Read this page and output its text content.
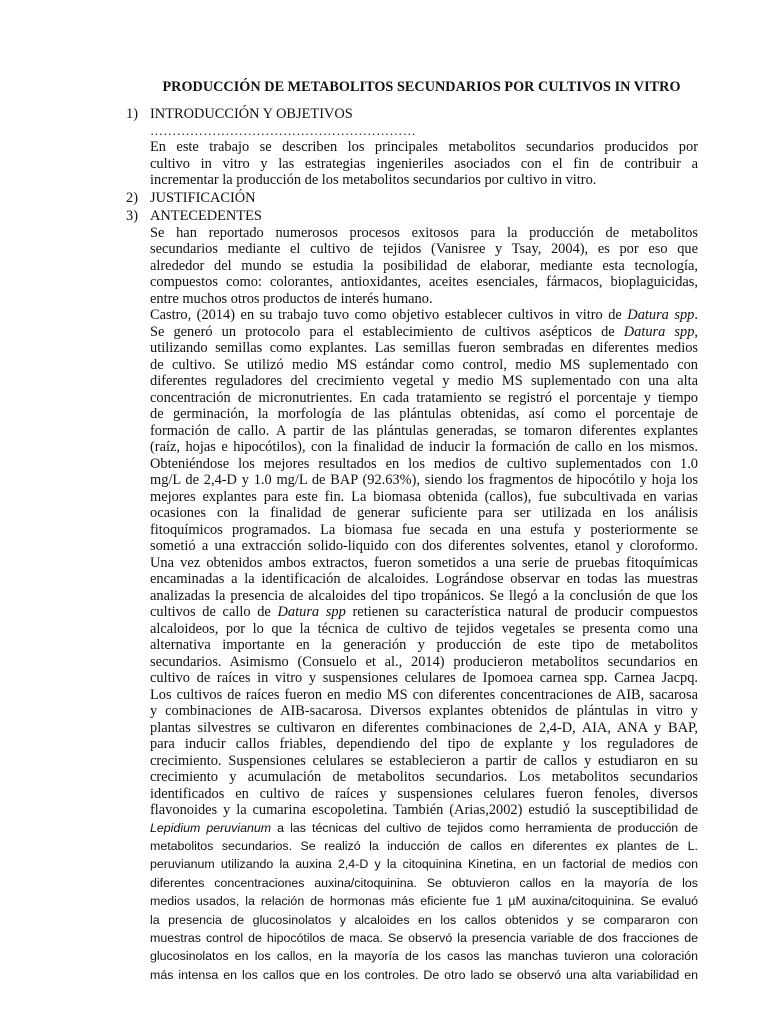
PRODUCCIÓN DE METABOLITOS SECUNDARIOS POR CULTIVOS IN VITRO
1) INTRODUCCIÓN Y OBJETIVOS
……………………………………………………

En este trabajo se describen los principales metabolitos secundarios producidos por
cultivo in vitro y las estrategias ingenieriles asociados con el fin de contribuir a
incrementar la producción de los metabolitos secundarios por cultivo in vitro.

2) JUSTIFICACIÓN
3) ANTECEDENTES

Se han reportado numerosos procesos exitosos para la producción de metabolitos
secundarios mediante el cultivo de tejidos (Vanisree y Tsay, 2004), es por eso que
alrededor del mundo se estudia la posibilidad de elaborar, mediante esta tecnología,
compuestos como: colorantes, antioxidantes, aceites esenciales, fármacos, bioplaguicidas,
entre muchos otros productos de interés humano.

Castro, (2014) en su trabajo tuvo como objetivo establecer cultivos in vitro de Datura spp.
Se generó un protocolo para el establecimiento de cultivos asépticos de Datura spp,
utilizando semillas como explantes. Las semillas fueron sembradas en diferentes medios
de cultivo. Se utilizó medio MS estándar como control, medio MS suplementado con
diferentes reguladores del crecimiento vegetal y medio MS suplementado con una alta
concentración de micronutrientes. En cada tratamiento se registró el porcentaje y tiempo
de germinación, la morfología de las plántulas obtenidas, así como el porcentaje de
formación de callo. A partir de las plántulas generadas, se tomaron diferentes explantes
(raíz, hojas e hipocótilos), con la finalidad de inducir la formación de callo en los mismos.
Obteniéndose los mejores resultados en los medios de cultivo suplementados con 1.0
mg/L de 2,4-D y 1.0 mg/L de BAP (92.63%), siendo los fragmentos de hipocótilo y hoja los
mejores explantes para este fin. La biomasa obtenida (callos), fue subcultivada en varias
ocasiones con la finalidad de generar suficiente para ser utilizada en los análisis
fitoquímicos programados. La biomasa fue secada en una estufa y posteriormente se
sometió a una extracción solido-liquido con dos diferentes solventes, etanol y cloroformo.
Una vez obtenidos ambos extractos, fueron sometidos a una serie de pruebas fitoquímicas
encaminadas a la identificación de alcaloides. Lográndose observar en todas las muestras
analizadas la presencia de alcaloides del tipo tropánicos. Se llegó a la conclusión de que los
cultivos de callo de Datura spp retienen su característica natural de producir compuestos
alcaloideos, por lo que la técnica de cultivo de tejidos vegetales se presenta como una
alternativa importante en la generación y producción de este tipo de metabolitos
secundarios. Asimismo (Consuelo et al., 2014) producieron metabolitos secundarios en
cultivo de raíces in vitro y suspensiones celulares de Ipomoea carnea spp. Carnea Jacpq.
Los cultivos de raíces fueron en medio MS con diferentes concentraciones de AIB, sacarosa
y combinaciones de AIB-sacarosa. Diversos explantes obtenidos de plántulas in vitro y
plantas silvestres se cultivaron en diferentes combinaciones de 2,4-D, AIA, ANA y BAP,
para inducir callos friables, dependiendo del tipo de explante y los reguladores de
crecimiento. Suspensiones celulares se establecieron a partir de callos y estudiaron en su
crecimiento y acumulación de metabolitos secundarios. Los metabolitos secundarios
identificados en cultivo de raíces y suspensiones celulares fueron fenoles, diversos
flavonoides y la cumarina escopoletina. También (Arias,2002) estudió la susceptibilidad de

Lepidium peruvianum a las técnicas del cultivo de tejidos como herramienta de producción de
metabolitos secundarios. Se realizó la inducción de callos en diferentes ex plantes de L.
peruvianum utilizando la auxina 2,4-D y la citoquinina Kinetina, en un factorial de medios con
diferentes concentraciones auxina/citoquinina. Se obtuvieron callos en la mayoría de los
medios usados, la relación de hormonas más eficiente fue 1 µM auxina/citoquinina. Se evaluó
la presencia de glucosinolatos y alcaloides en los callos obtenidos y se compararon con
muestras control de hipocótilos de maca. Se observó la presencia variable de dos fracciones de
glucosinolatos en los callos, en la mayoría de los casos las manchas tuvieron una coloración
más intensa en los callos que en los controles. De otro lado se observó una alta variabilidad en
